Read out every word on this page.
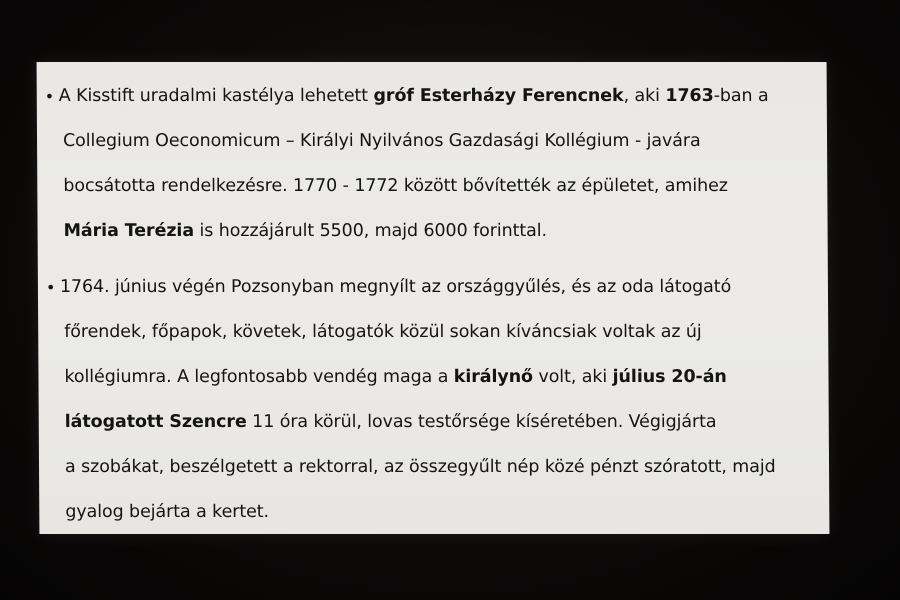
• A Kisstift uradalmi kastélya lehetett gróf Esterházy Ferencnek, aki 1763-ban a
Collegium Oeconomicum – Királyi Nyilvános Gazdasági Kollégium - javára
bocsátotta rendelkezésre. 1770 - 1772 között bővítették az épületet, amihez
Mária Terézia is hozzájárult 5500, majd 6000 forinttal.
• 1764. június végén Pozsonyban megnyílt az országgyűlés, és az oda látogató
főrendek, főpapok, követek, látogatók közül sokan kíváncsiak voltak az új
kollégiumra. A legfontosabb vendég maga a királynő volt, aki július 20-án
látogatott Szencre 11 óra körül, lovas testőrsége kíséretében. Végigjárta
a szobákat, beszélgetett a rektorral, az összegyűlt nép közé pénzt szóratott, majd
gyalog bejárta a kertet.
